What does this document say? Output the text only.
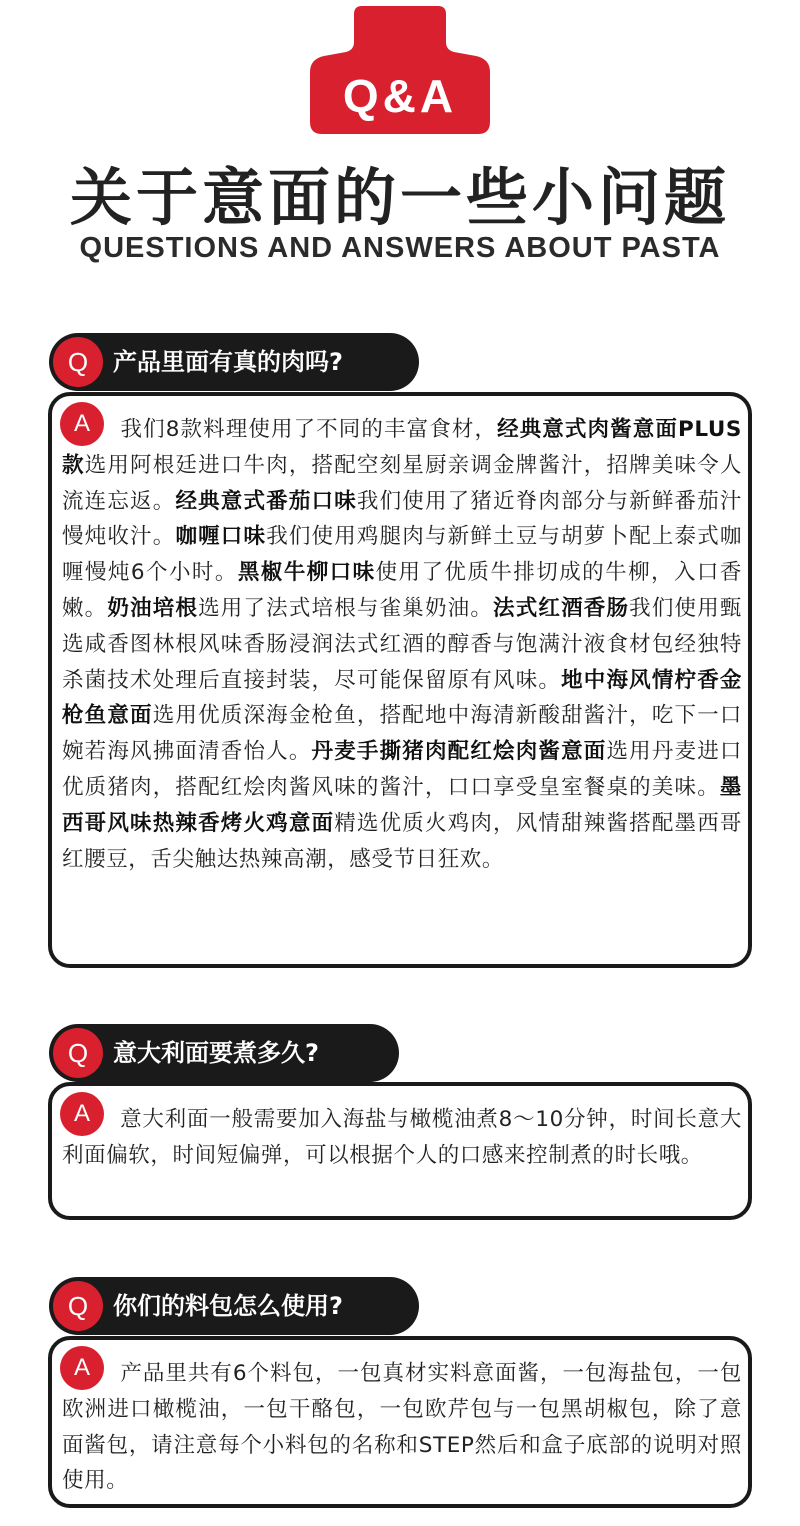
Q&A
关于意面的一些小问题
QUESTIONS AND ANSWERS ABOUT PASTA
Q	产品里面有真的肉吗?
A	我们8款料理使用了不同的丰富食材，经典意式肉酱意面PLUS款选用阿根廷进口牛肉，搭配空刻星厨亲调金牌酱汁，招牌美味令人流连忘返。经典意式番茄口味我们使用了猪近脊肉部分与新鲜番茄汁慢炖收汁。咖喱口味我们使用鸡腿肉与新鲜土豆与胡萝卜配上泰式咖喱慢炖6个小时。黑椒牛柳口味使用了优质牛排切成的牛柳，入口香嫩。奶油培根选用了法式培根与雀巢奶油。法式红酒香肠我们使用甄选咸香图林根风味香肠浸润法式红酒的醇香与饱满汁液食材包经独特杀菌技术处理后直接封装，尽可能保留原有风味。地中海风情柠香金枪鱼意面选用优质深海金枪鱼，搭配地中海清新酸甜酱汁，吃下一口婉若海风拂面清香怡人。丹麦手撕猪肉配红烩肉酱意面选用丹麦进口优质猪肉，搭配红烩肉酱风味的酱汁，口口享受皇室餐桌的美味。墨西哥风味热辣香烤火鸡意面精选优质火鸡肉，风情甜辣酱搭配墨西哥红腰豆，舌尖触达热辣高潮，感受节日狂欢。
Q	意大利面要煮多久?
A	意大利面一般需要加入海盐与橄榄油煮8～10分钟，时间长意大利面偏软，时间短偏弹，可以根据个人的口感来控制煮的时长哦。
Q	你们的料包怎么使用?
A	产品里共有6个料包，一包真材实料意面酱，一包海盐包，一包欧洲进口橄榄油，一包干酪包，一包欧芹包与一包黑胡椒包，除了意面酱包，请注意每个小料包的名称和STEP然后和盒子底部的说明对照使用。
